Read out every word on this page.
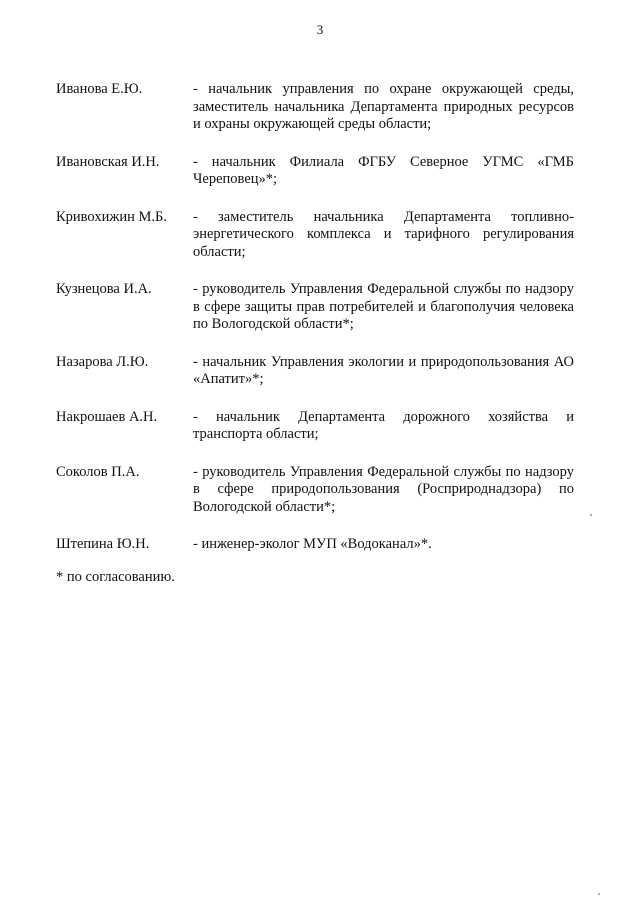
3
Иванова Е.Ю.	- начальник управления по охране окружающей среды, заместитель начальника Департамента природных ресурсов и охраны окружающей среды области;
Ивановская И.Н.	- начальник Филиала ФГБУ Северное УГМС «ГМБ Череповец»*;
Кривохижин М.Б.	- заместитель начальника Департамента топливно-энергетического комплекса и тарифного регулирования области;
Кузнецова И.А.	- руководитель Управления Федеральной службы по надзору в сфере защиты прав потребителей и благополучия человека по Вологодской области*;
Назарова Л.Ю.	- начальник Управления экологии и природопользования АО «Апатит»*;
Накрошаев А.Н.	- начальник Департамента дорожного хозяйства и транспорта области;
Соколов П.А.	- руководитель Управления Федеральной службы по надзору в сфере природопользования (Росприроднадзора) по Вологодской области*;
Штепина Ю.Н.	- инженер-эколог МУП «Водоканал»*.
* по согласованию.
